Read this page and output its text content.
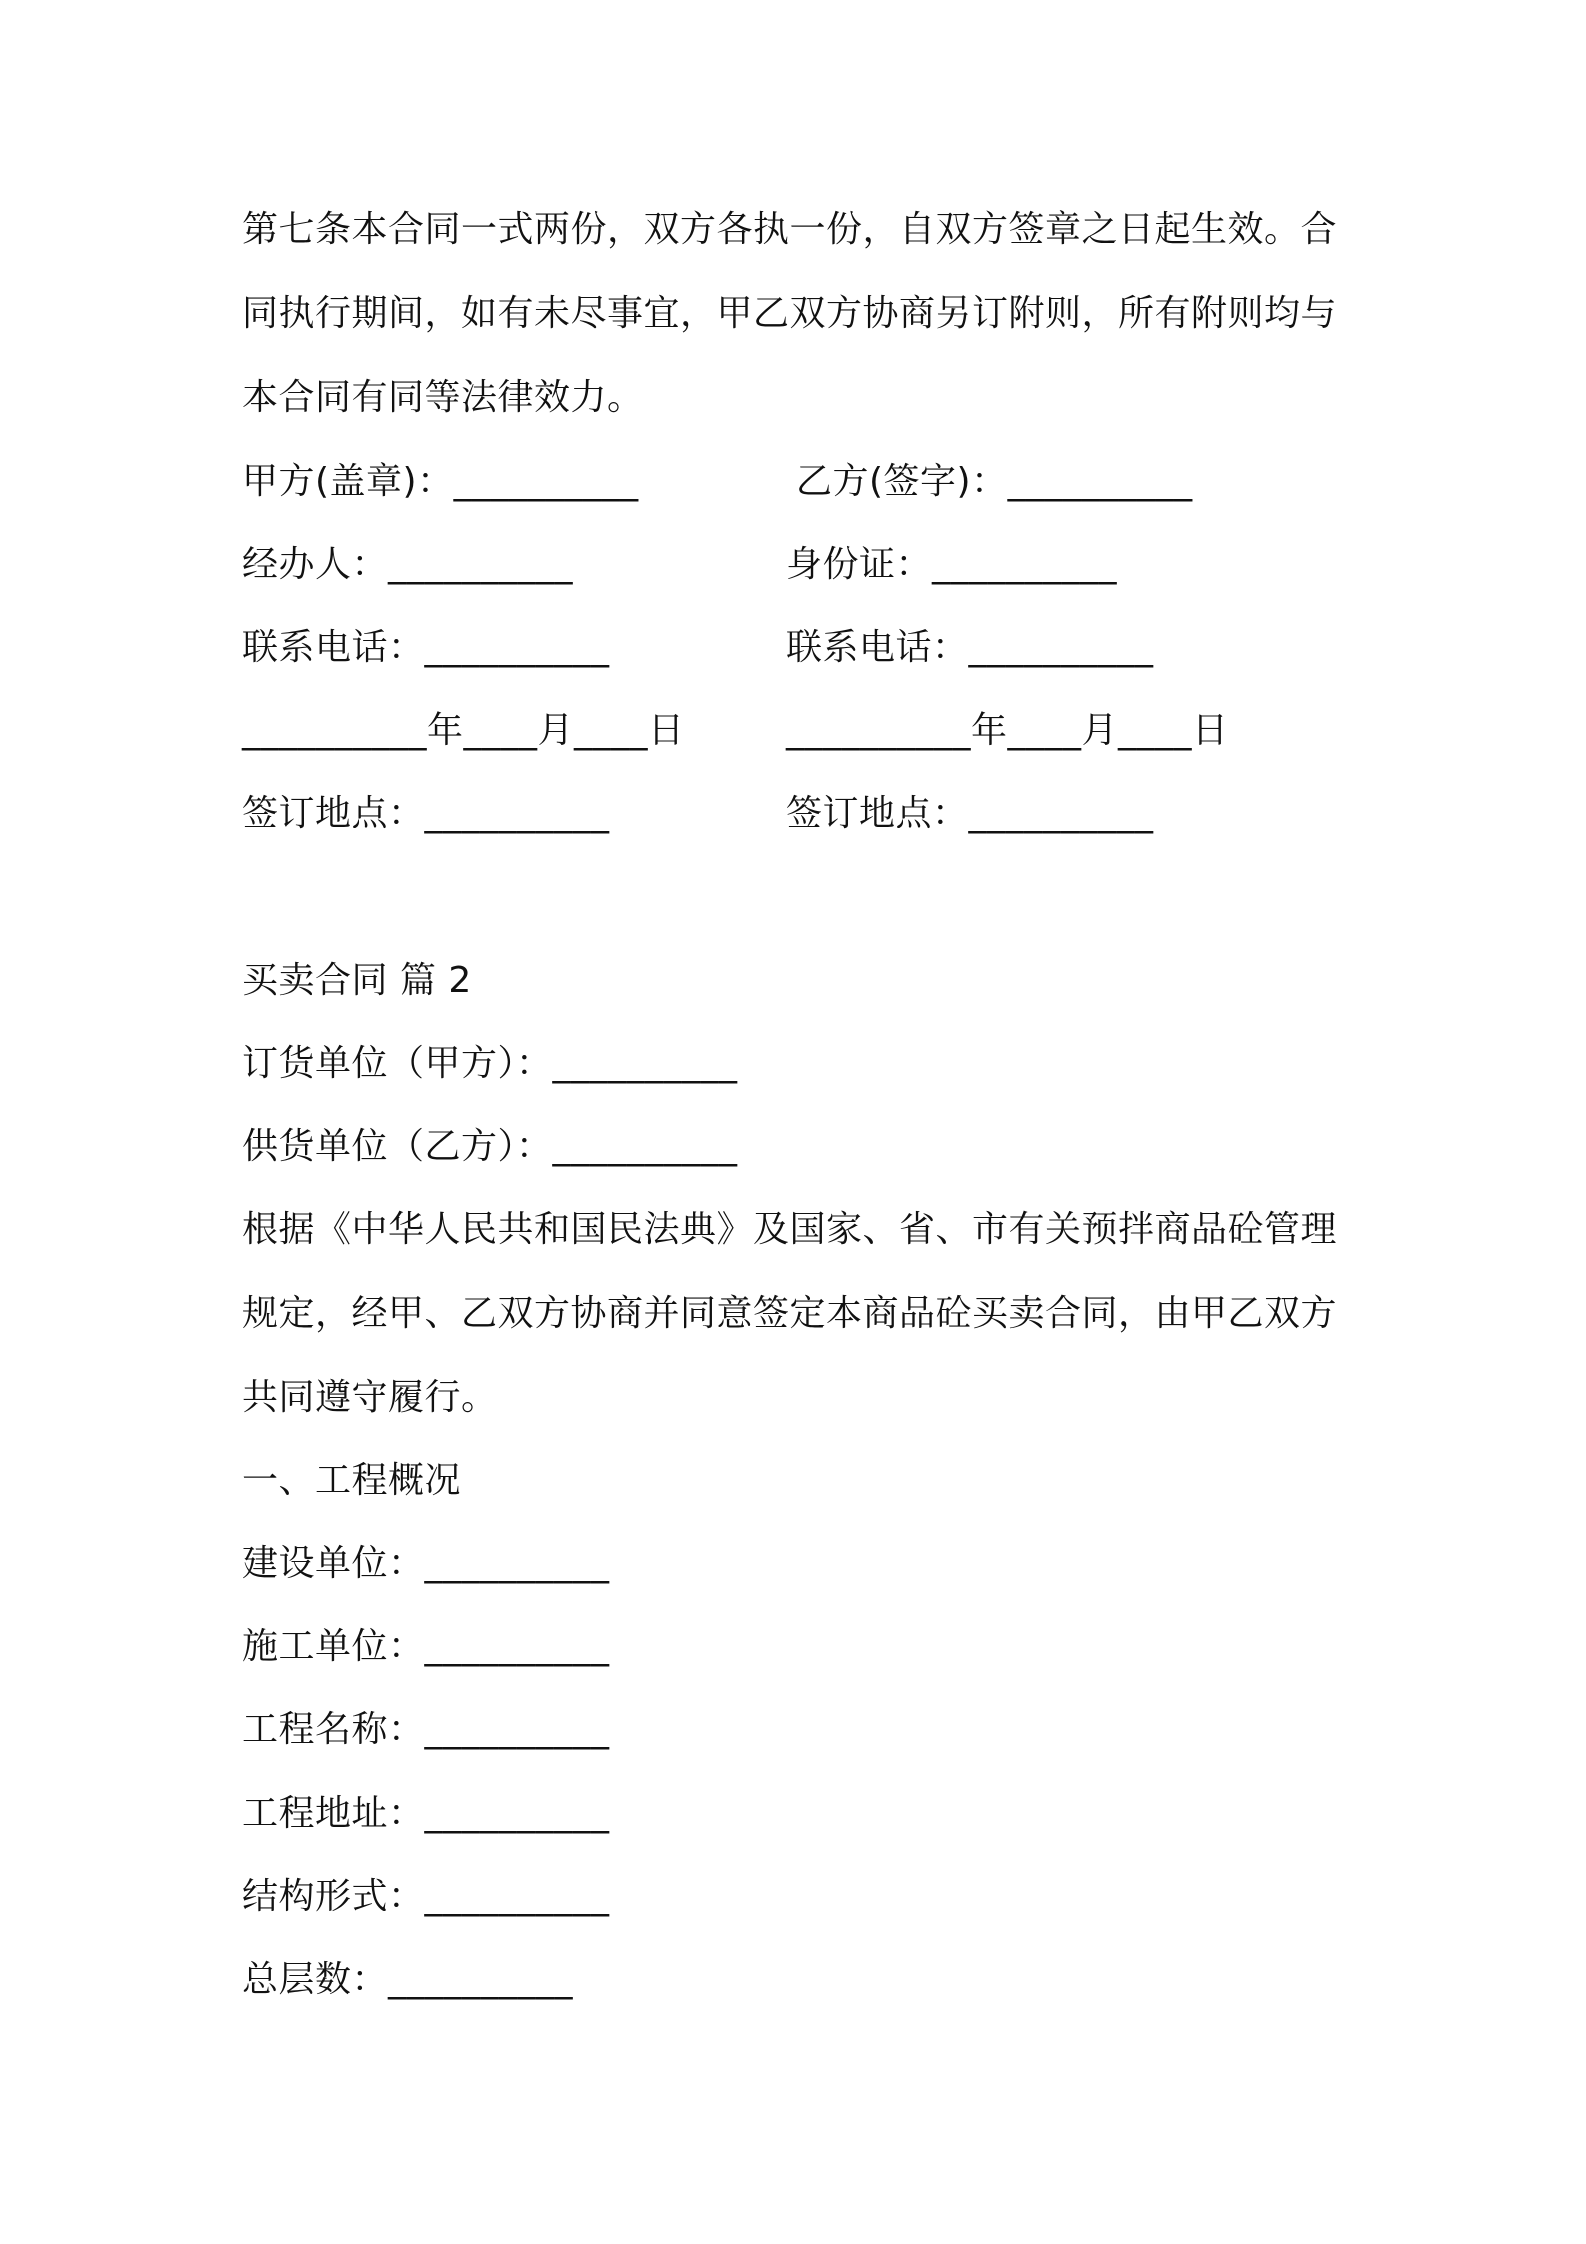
第七条本合同一式两份，双方各执一份，自双方签章之日起生效。合
同执行期间，如有未尽事宜，甲乙双方协商另订附则，所有附则均与
本合同有同等法律效力。
甲方(盖章)：__________	乙方(签字)：__________
经办人：__________	身份证：__________
联系电话：__________	联系电话：__________
__________年____月____日	__________年____月____日
签订地点：__________	签订地点：__________
买卖合同 篇 2
订货单位（甲方）：__________
供货单位（乙方）：__________
根据《中华人民共和国民法典》及国家、省、市有关预拌商品砼管理
规定，经甲、乙双方协商并同意签定本商品砼买卖合同，由甲乙双方
共同遵守履行。
一、工程概况
建设单位：__________
施工单位：__________
工程名称：__________
工程地址：__________
结构形式：__________
总层数：__________
